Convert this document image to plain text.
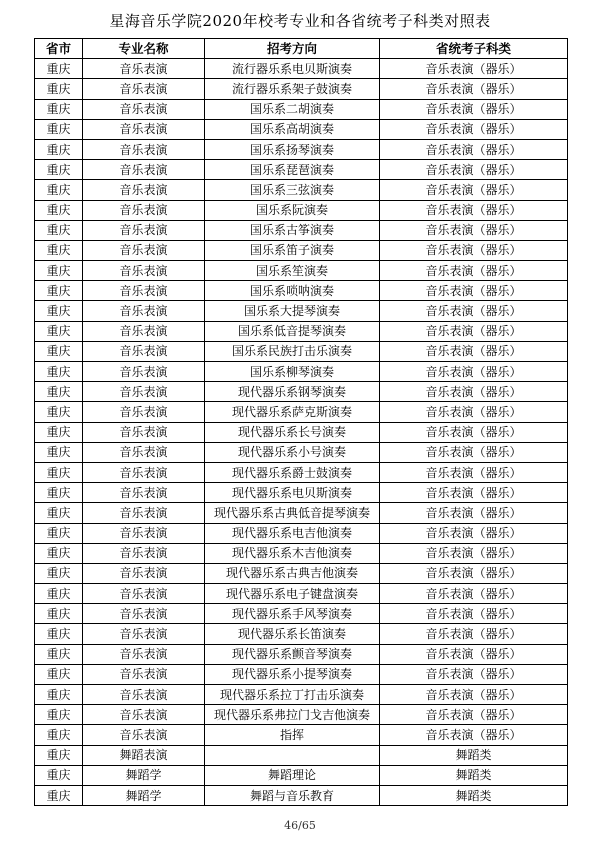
星海音乐学院2020年校考专业和各省统考子科类对照表
省市	专业名称	招考方向	省统考子科类
重庆	音乐表演	流行器乐系电贝斯演奏	音乐表演（器乐）
重庆	音乐表演	流行器乐系架子鼓演奏	音乐表演（器乐）
重庆	音乐表演	国乐系二胡演奏	音乐表演（器乐）
重庆	音乐表演	国乐系高胡演奏	音乐表演（器乐）
重庆	音乐表演	国乐系扬琴演奏	音乐表演（器乐）
重庆	音乐表演	国乐系琵琶演奏	音乐表演（器乐）
重庆	音乐表演	国乐系三弦演奏	音乐表演（器乐）
重庆	音乐表演	国乐系阮演奏	音乐表演（器乐）
重庆	音乐表演	国乐系古筝演奏	音乐表演（器乐）
重庆	音乐表演	国乐系笛子演奏	音乐表演（器乐）
重庆	音乐表演	国乐系笙演奏	音乐表演（器乐）
重庆	音乐表演	国乐系唢呐演奏	音乐表演（器乐）
重庆	音乐表演	国乐系大提琴演奏	音乐表演（器乐）
重庆	音乐表演	国乐系低音提琴演奏	音乐表演（器乐）
重庆	音乐表演	国乐系民族打击乐演奏	音乐表演（器乐）
重庆	音乐表演	国乐系柳琴演奏	音乐表演（器乐）
重庆	音乐表演	现代器乐系钢琴演奏	音乐表演（器乐）
重庆	音乐表演	现代器乐系萨克斯演奏	音乐表演（器乐）
重庆	音乐表演	现代器乐系长号演奏	音乐表演（器乐）
重庆	音乐表演	现代器乐系小号演奏	音乐表演（器乐）
重庆	音乐表演	现代器乐系爵士鼓演奏	音乐表演（器乐）
重庆	音乐表演	现代器乐系电贝斯演奏	音乐表演（器乐）
重庆	音乐表演	现代器乐系古典低音提琴演奏	音乐表演（器乐）
重庆	音乐表演	现代器乐系电吉他演奏	音乐表演（器乐）
重庆	音乐表演	现代器乐系木吉他演奏	音乐表演（器乐）
重庆	音乐表演	现代器乐系古典吉他演奏	音乐表演（器乐）
重庆	音乐表演	现代器乐系电子键盘演奏	音乐表演（器乐）
重庆	音乐表演	现代器乐系手风琴演奏	音乐表演（器乐）
重庆	音乐表演	现代器乐系长笛演奏	音乐表演（器乐）
重庆	音乐表演	现代器乐系颤音琴演奏	音乐表演（器乐）
重庆	音乐表演	现代器乐系小提琴演奏	音乐表演（器乐）
重庆	音乐表演	现代器乐系拉丁打击乐演奏	音乐表演（器乐）
重庆	音乐表演	现代器乐系弗拉门戈吉他演奏	音乐表演（器乐）
重庆	音乐表演	指挥	音乐表演（器乐）
重庆	舞蹈表演		舞蹈类
重庆	舞蹈学	舞蹈理论	舞蹈类
重庆	舞蹈学	舞蹈与音乐教育	舞蹈类
46/65
